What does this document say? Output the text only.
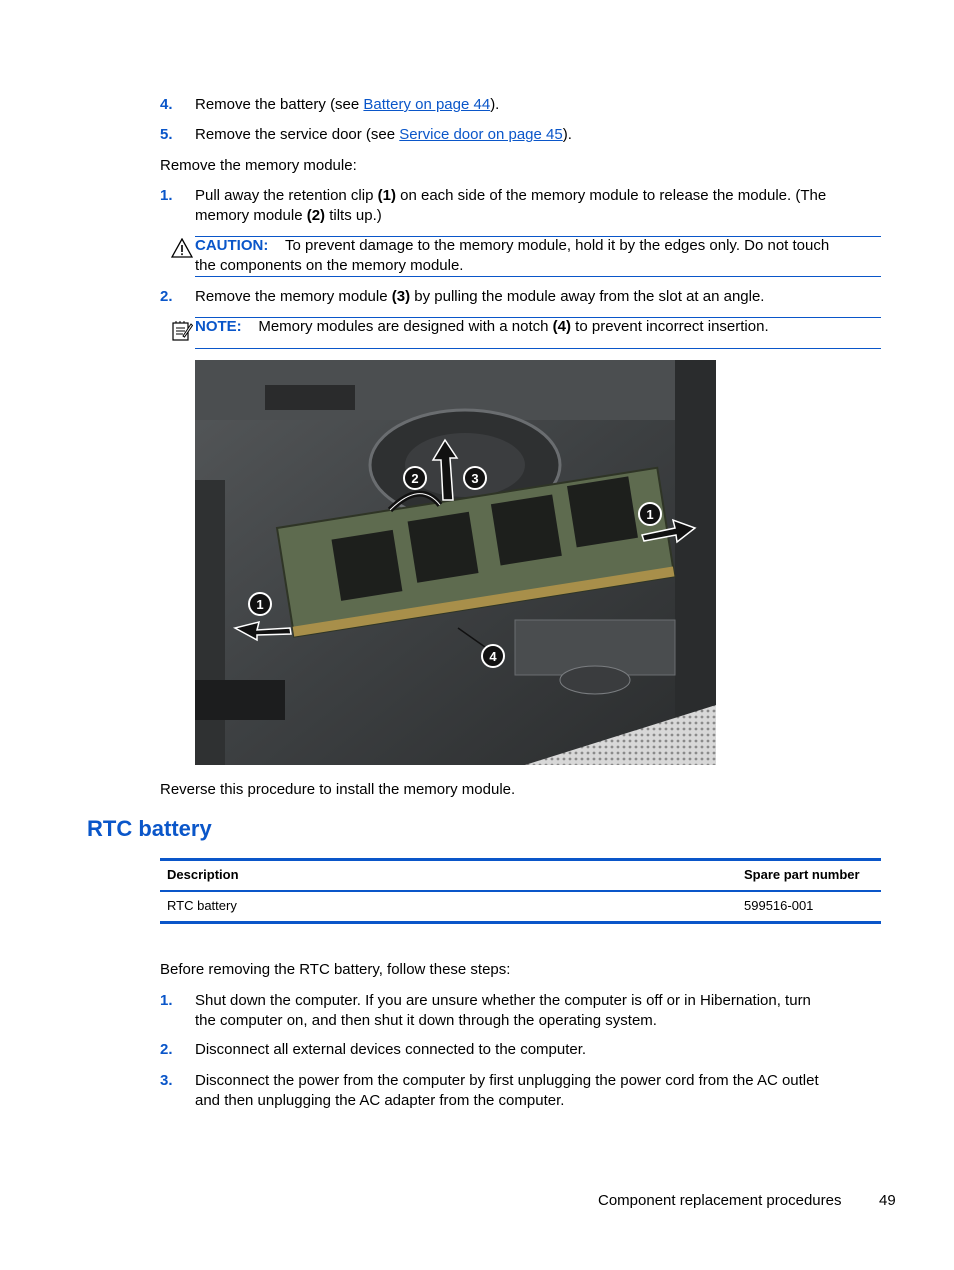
4. Remove the battery (see Battery on page 44).
5. Remove the service door (see Service door on page 45).
Remove the memory module:
1. Pull away the retention clip (1) on each side of the memory module to release the module. (The
memory module (2) tilts up.)
CAUTION: To prevent damage to the memory module, hold it by the edges only. Do not touch
the components on the memory module.
2. Remove the memory module (3) by pulling the module away from the slot at an angle.
NOTE: Memory modules are designed with a notch (4) to prevent incorrect insertion.
2	3
1
1
4
Reverse this procedure to install the memory module.
RTC battery
Description	Spare part number
RTC battery	599516-001
Before removing the RTC battery, follow these steps:
1. Shut down the computer. If you are unsure whether the computer is off or in Hibernation, turn
the computer on, and then shut it down through the operating system.
2. Disconnect all external devices connected to the computer.
3. Disconnect the power from the computer by first unplugging the power cord from the AC outlet
and then unplugging the AC adapter from the computer.
Component replacement procedures	49
